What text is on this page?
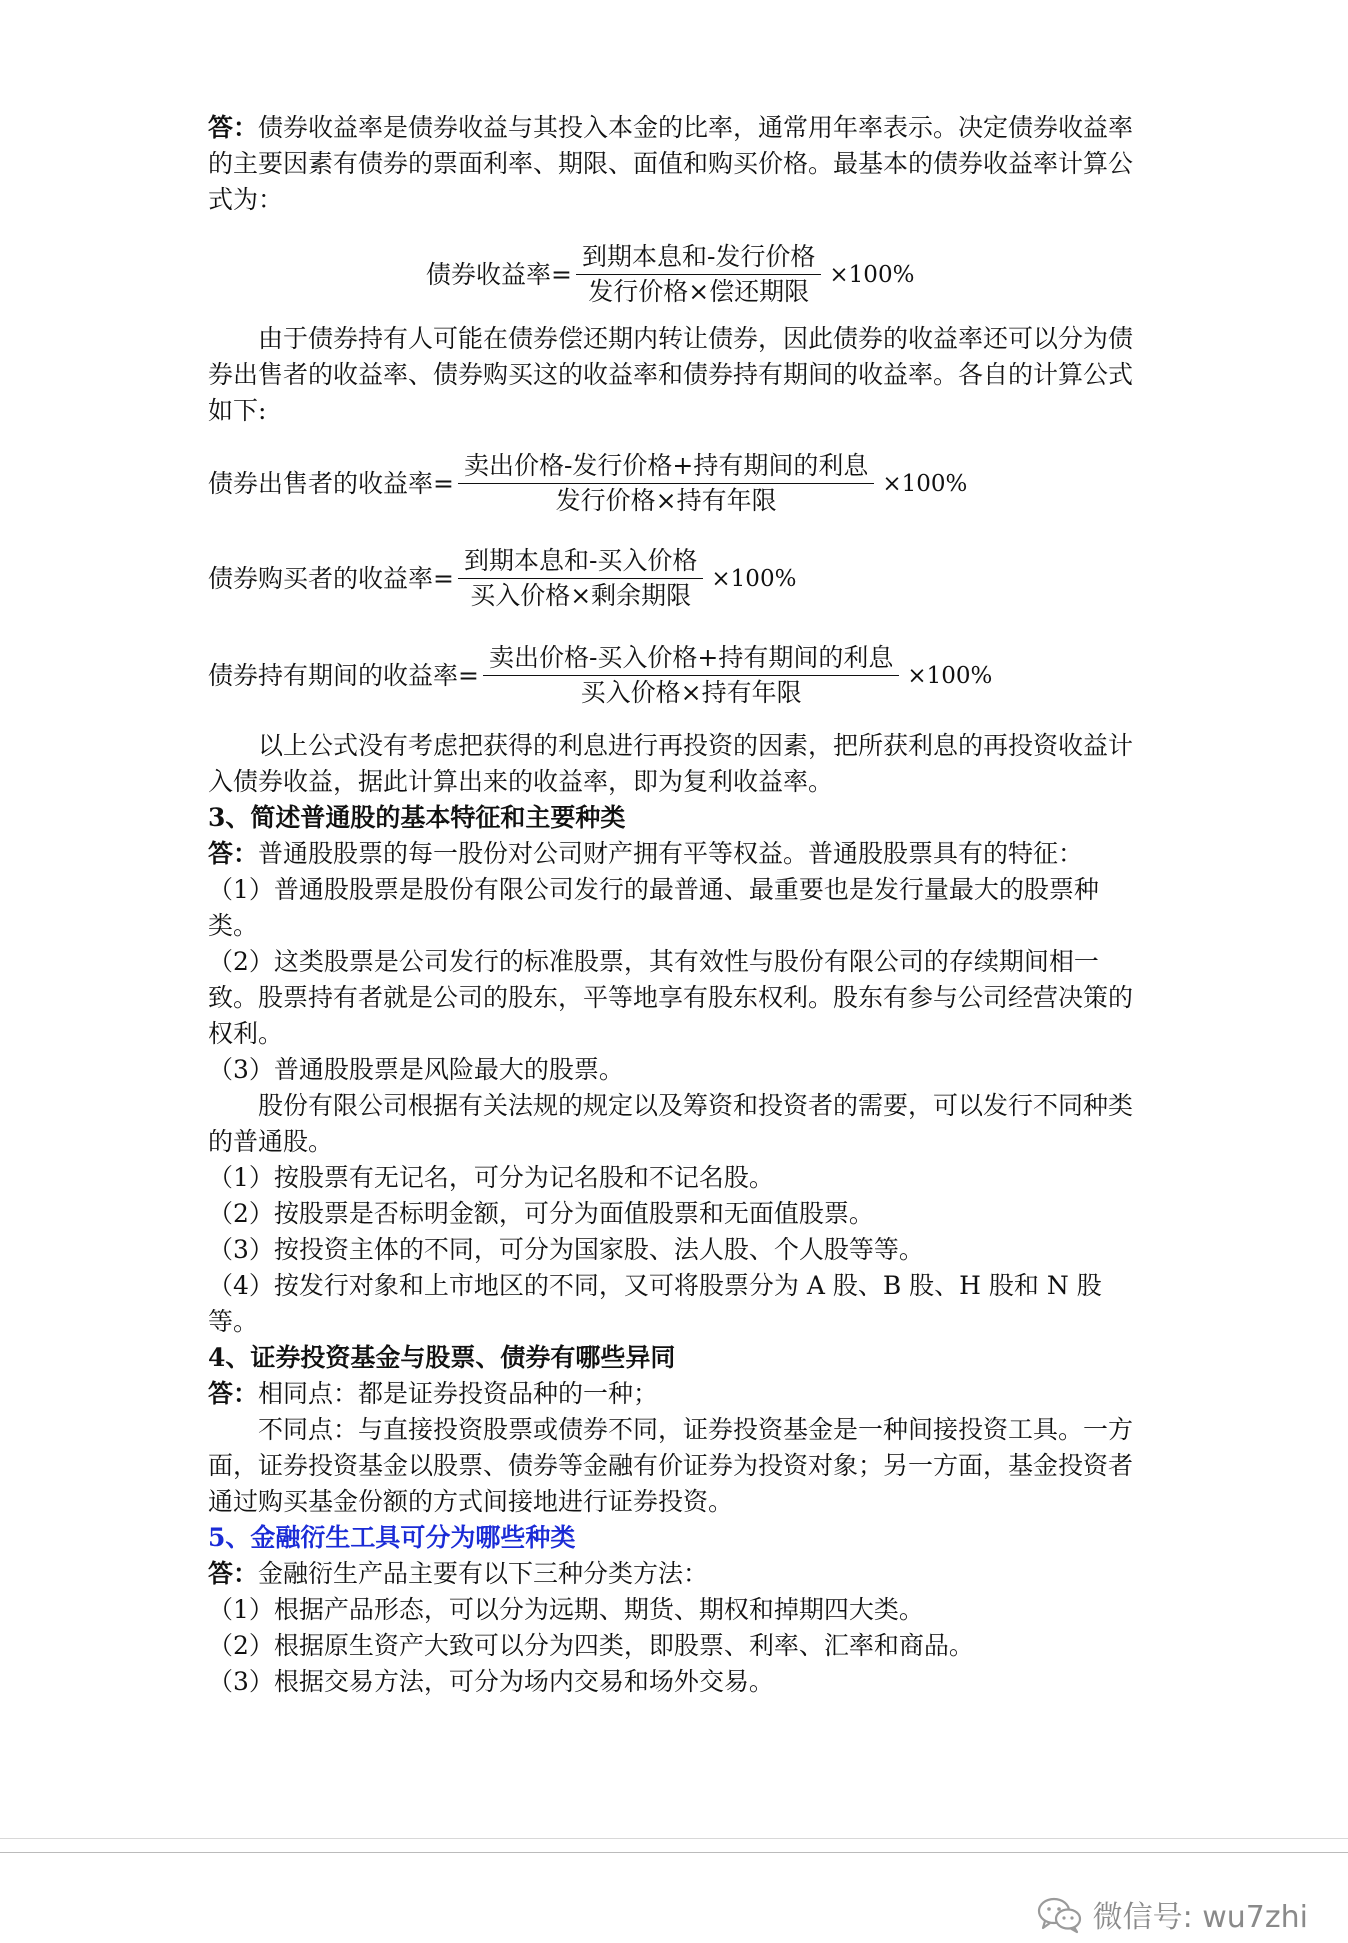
答：债券收益率是债券收益与其投入本金的比率，通常用年率表示。决定债券收益率的主要因素有债券的票面利率、期限、面值和购买价格。最基本的债券收益率计算公式为：

债券收益率= $\frac{\text{到期本息和-发行价格}}{\text{发行价格×偿还期限}} \times 100\%$

由于债券持有人可能在债券偿还期内转让债券，因此债券的收益率还可以分为债券出售者的收益率、债券购买这的收益率和债券持有期间的收益率。各自的计算公式如下:

债券出售者的收益率= $\frac{\text{卖出价格-发行价格+持有期间的利息}}{\text{发行价格×持有年限}} \times 100\%$
债券购买者的收益率= $\frac{\text{到期本息和-买入价格}}{\text{买入价格×剩余期限}} \times 100\%$
债券持有期间的收益率= $\frac{\text{卖出价格-买入价格+持有期间的利息}}{\text{买入价格×持有年限}} \times 100\%$

以上公式没有考虑把获得的利息进行再投资的因素，把所获利息的再投资收益计入债券收益，据此计算出来的收益率，即为复利收益率。

3、简述普通股的基本特征和主要种类

答：普通股股票的每一股份对公司财产拥有平等权益。普通股股票具有的特征：

（1）普通股股票是股份有限公司发行的最普通、最重要也是发行量最大的股票种类。

（2）这类股票是公司发行的标准股票，其有效性与股份有限公司的存续期间相一致。股票持有者就是公司的股东，平等地享有股东权利。股东有参与公司经营决策的权利。

（3）普通股股票是风险最大的股票。

股份有限公司根据有关法规的规定以及筹资和投资者的需要，可以发行不同种类的普通股。

（1）按股票有无记名，可分为记名股和不记名股。

（2）按股票是否标明金额，可分为面值股票和无面值股票。

（3）按投资主体的不同，可分为国家股、法人股、个人股等等。

（4）按发行对象和上市地区的不同，又可将股票分为 A 股、B 股、H 股和 N 股等。

4、证券投资基金与股票、债券有哪些异同

答：相同点：都是证券投资品种的一种；

不同点：与直接投资股票或债券不同，证券投资基金是一种间接投资工具。一方面，证券投资基金以股票、债券等金融有价证券为投资对象；另一方面，基金投资者通过购买基金份额的方式间接地进行证券投资。

5、金融衍生工具可分为哪些种类

答：金融衍生产品主要有以下三种分类方法：

（1）根据产品形态，可以分为远期、期货、期权和掉期四大类。

（2）根据原生资产大致可以分为四类，即股票、利率、汇率和商品。

（3）根据交易方法，可分为场内交易和场外交易。

微信号: wu7zhi
